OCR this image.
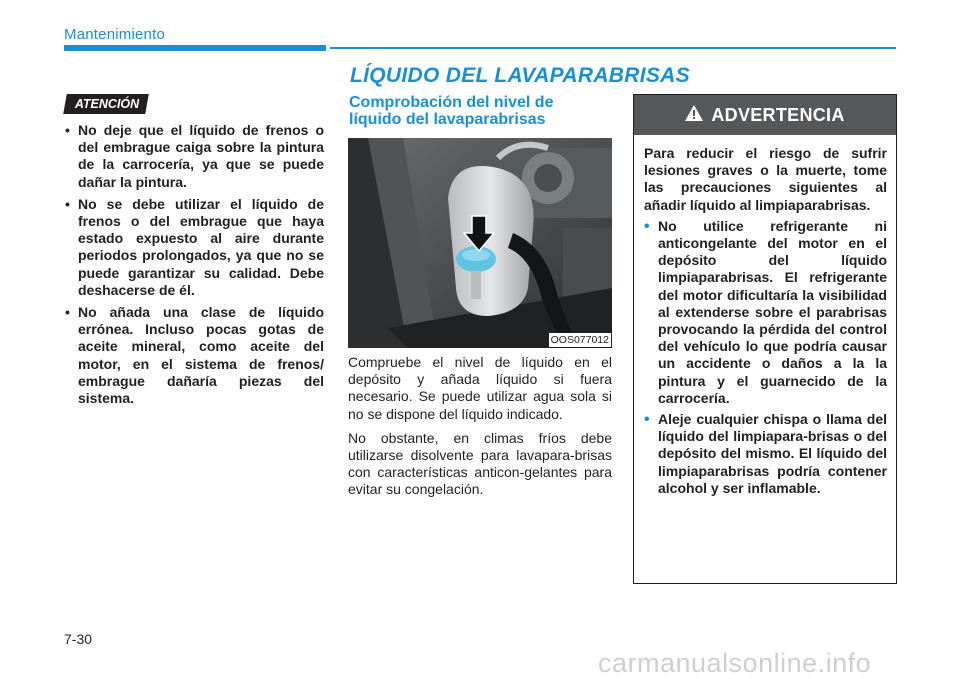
Mantenimiento
LÍQUIDO DEL LAVAPARABRISAS
ATENCIÓN
• No deje que el líquido de frenos o del embrague caiga sobre la pintura de la carrocería, ya que se puede dañar la pintura.
• No se debe utilizar el líquido de frenos o del embrague que haya estado expuesto al aire durante periodos prolongados, ya que no se puede garantizar su calidad. Debe deshacerse de él.
• No añada una clase de líquido errónea. Incluso pocas gotas de aceite mineral, como aceite del motor, en el sistema de frenos/ embrague dañaría piezas del sistema.
Comprobación del nivel de
líquido del lavaparabrisas
OOS077012

Compruebe el nivel de líquido en el depósito y añada líquido si fuera necesario. Se puede utilizar agua sola si no se dispone del líquido indicado.

No obstante, en climas fríos debe utilizarse disolvente para lavapara-brisas con características anticon-gelantes para evitar su congelación.

ADVERTENCIA

Para reducir el riesgo de sufrir lesiones graves o la muerte, tome las precauciones siguientes al añadir líquido al limpiaparabrisas.

• No utilice refrigerante ni anticongelante del motor en el depósito del líquido limpiaparabrisas. El refrigerante del motor dificultaría la visibilidad al extenderse sobre el parabrisas provocando la pérdida del control del vehículo lo que podría causar un accidente o daños a la la pintura y el guarnecido de la carrocería.
• Aleje cualquier chispa o llama del líquido del limpiapara-brisas o del depósito del mismo. El líquido del limpiaparabrisas podría contener alcohol y ser inflamable.
7-30
carmanualsonline.info
